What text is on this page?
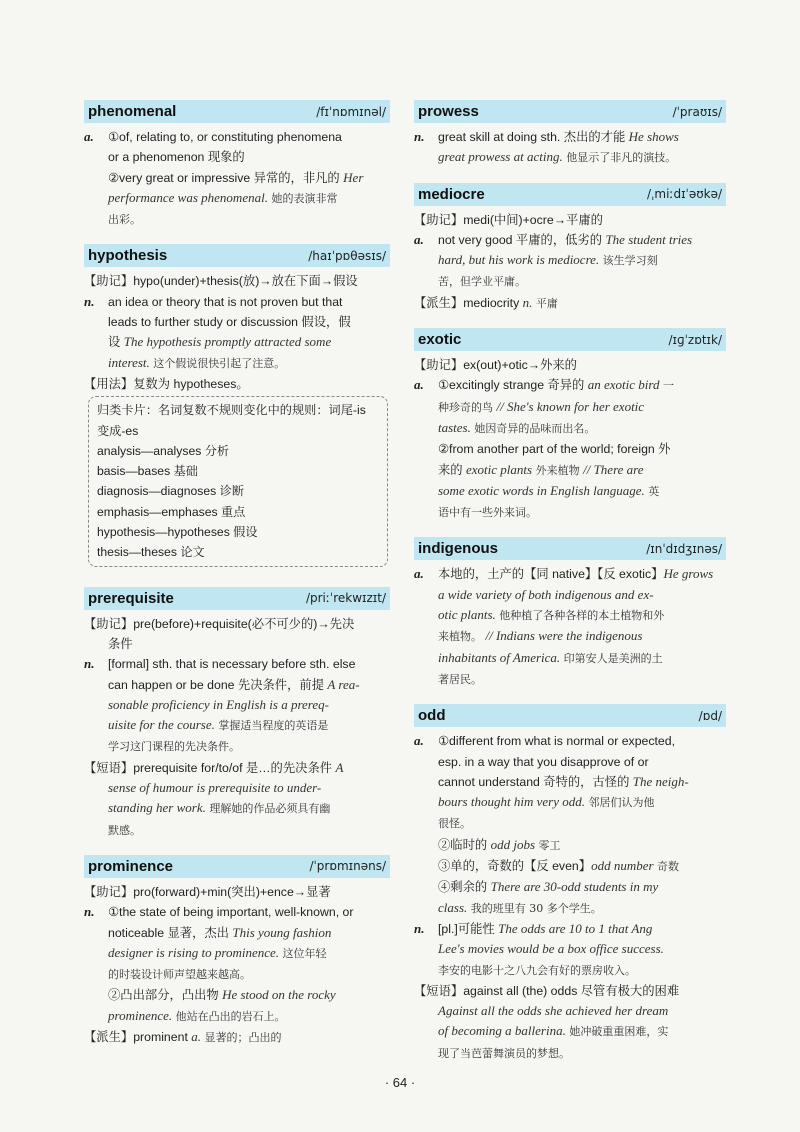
phenomenal	/fɪˈnɒmɪnəl/
a. ①of, relating to, or constituting phenomena
or a phenomenon 现象的
②very great or impressive 异常的，非凡的 Her
performance was phenomenal. 她的表演非常
出彩。
hypothesis	/haɪˈpɒθəsɪs/
【助记】hypo(under)+thesis(放)→放在下面→假设
n. an idea or theory that is not proven but that
leads to further study or discussion 假设，假
设 The hypothesis promptly attracted some
interest. 这个假说很快引起了注意。
【用法】复数为 hypotheses。
归类卡片：名词复数不规则变化中的规则：词尾-is
变成-es
analysis—analyses 分析
basis—bases 基础
diagnosis—diagnoses 诊断
emphasis—emphases 重点
hypothesis—hypotheses 假设
thesis—theses 论文
prerequisite	/priːˈrekwɪzɪt/
【助记】pre(before)+requisite(必不可少的)→先决
条件
n. [formal] sth. that is necessary before sth. else
can happen or be done 先决条件，前提 A rea-
sonable proficiency in English is a prereq-
uisite for the course. 掌握适当程度的英语是
学习这门课程的先决条件。
【短语】prerequisite for/to/of 是…的先决条件 A
sense of humour is prerequisite to under-
standing her work. 理解她的作品必须具有幽
默感。
prominence	/ˈprɒmɪnəns/
【助记】pro(forward)+min(突出)+ence→显著
n. ①the state of being important, well-known, or
noticeable 显著，杰出 This young fashion
designer is rising to prominence. 这位年轻
的时装设计师声望越来越高。
②凸出部分，凸出物 He stood on the rocky
prominence. 他站在凸出的岩石上。
【派生】prominent a. 显著的；凸出的
prowess	/ˈpraʊɪs/
n. great skill at doing sth. 杰出的才能 He shows
great prowess at acting. 他显示了非凡的演技。
mediocre	/ˌmiːdɪˈəʊkə/
【助记】medi(中间)+ocre→平庸的
a. not very good 平庸的，低劣的 The student tries
hard, but his work is mediocre. 该生学习刻
苦，但学业平庸。
【派生】mediocrity n. 平庸
exotic	/ɪɡˈzɒtɪk/
【助记】ex(out)+otic→外来的
a. ①excitingly strange 奇异的 an exotic bird 一
种珍奇的鸟 // She's known for her exotic
tastes. 她因奇异的品味而出名。
②from another part of the world; foreign 外
来的 exotic plants 外来植物 // There are
some exotic words in English language. 英
语中有一些外来词。
indigenous	/ɪnˈdɪdʒɪnəs/
a. 本地的，土产的【同 native】【反 exotic】He grows
a wide variety of both indigenous and ex-
otic plants. 他种植了各种各样的本土植物和外
来植物。 // Indians were the indigenous
inhabitants of America. 印第安人是美洲的土
著居民。
odd	/ɒd/
a. ①different from what is normal or expected,
esp. in a way that you disapprove of or
cannot understand 奇特的，古怪的 The neigh-
bours thought him very odd. 邻居们认为他
很怪。
②临时的 odd jobs 零工
③单的，奇数的【反 even】odd number 奇数
④剩余的 There are 30-odd students in my
class. 我的班里有 30 多个学生。
n. [pl.]可能性 The odds are 10 to 1 that Ang
Lee's movies would be a box office success.
李安的电影十之八九会有好的票房收入。
【短语】against all (the) odds 尽管有极大的困难
Against all the odds she achieved her dream
of becoming a ballerina. 她冲破重重困难，实
现了当芭蕾舞演员的梦想。
· 64 ·
